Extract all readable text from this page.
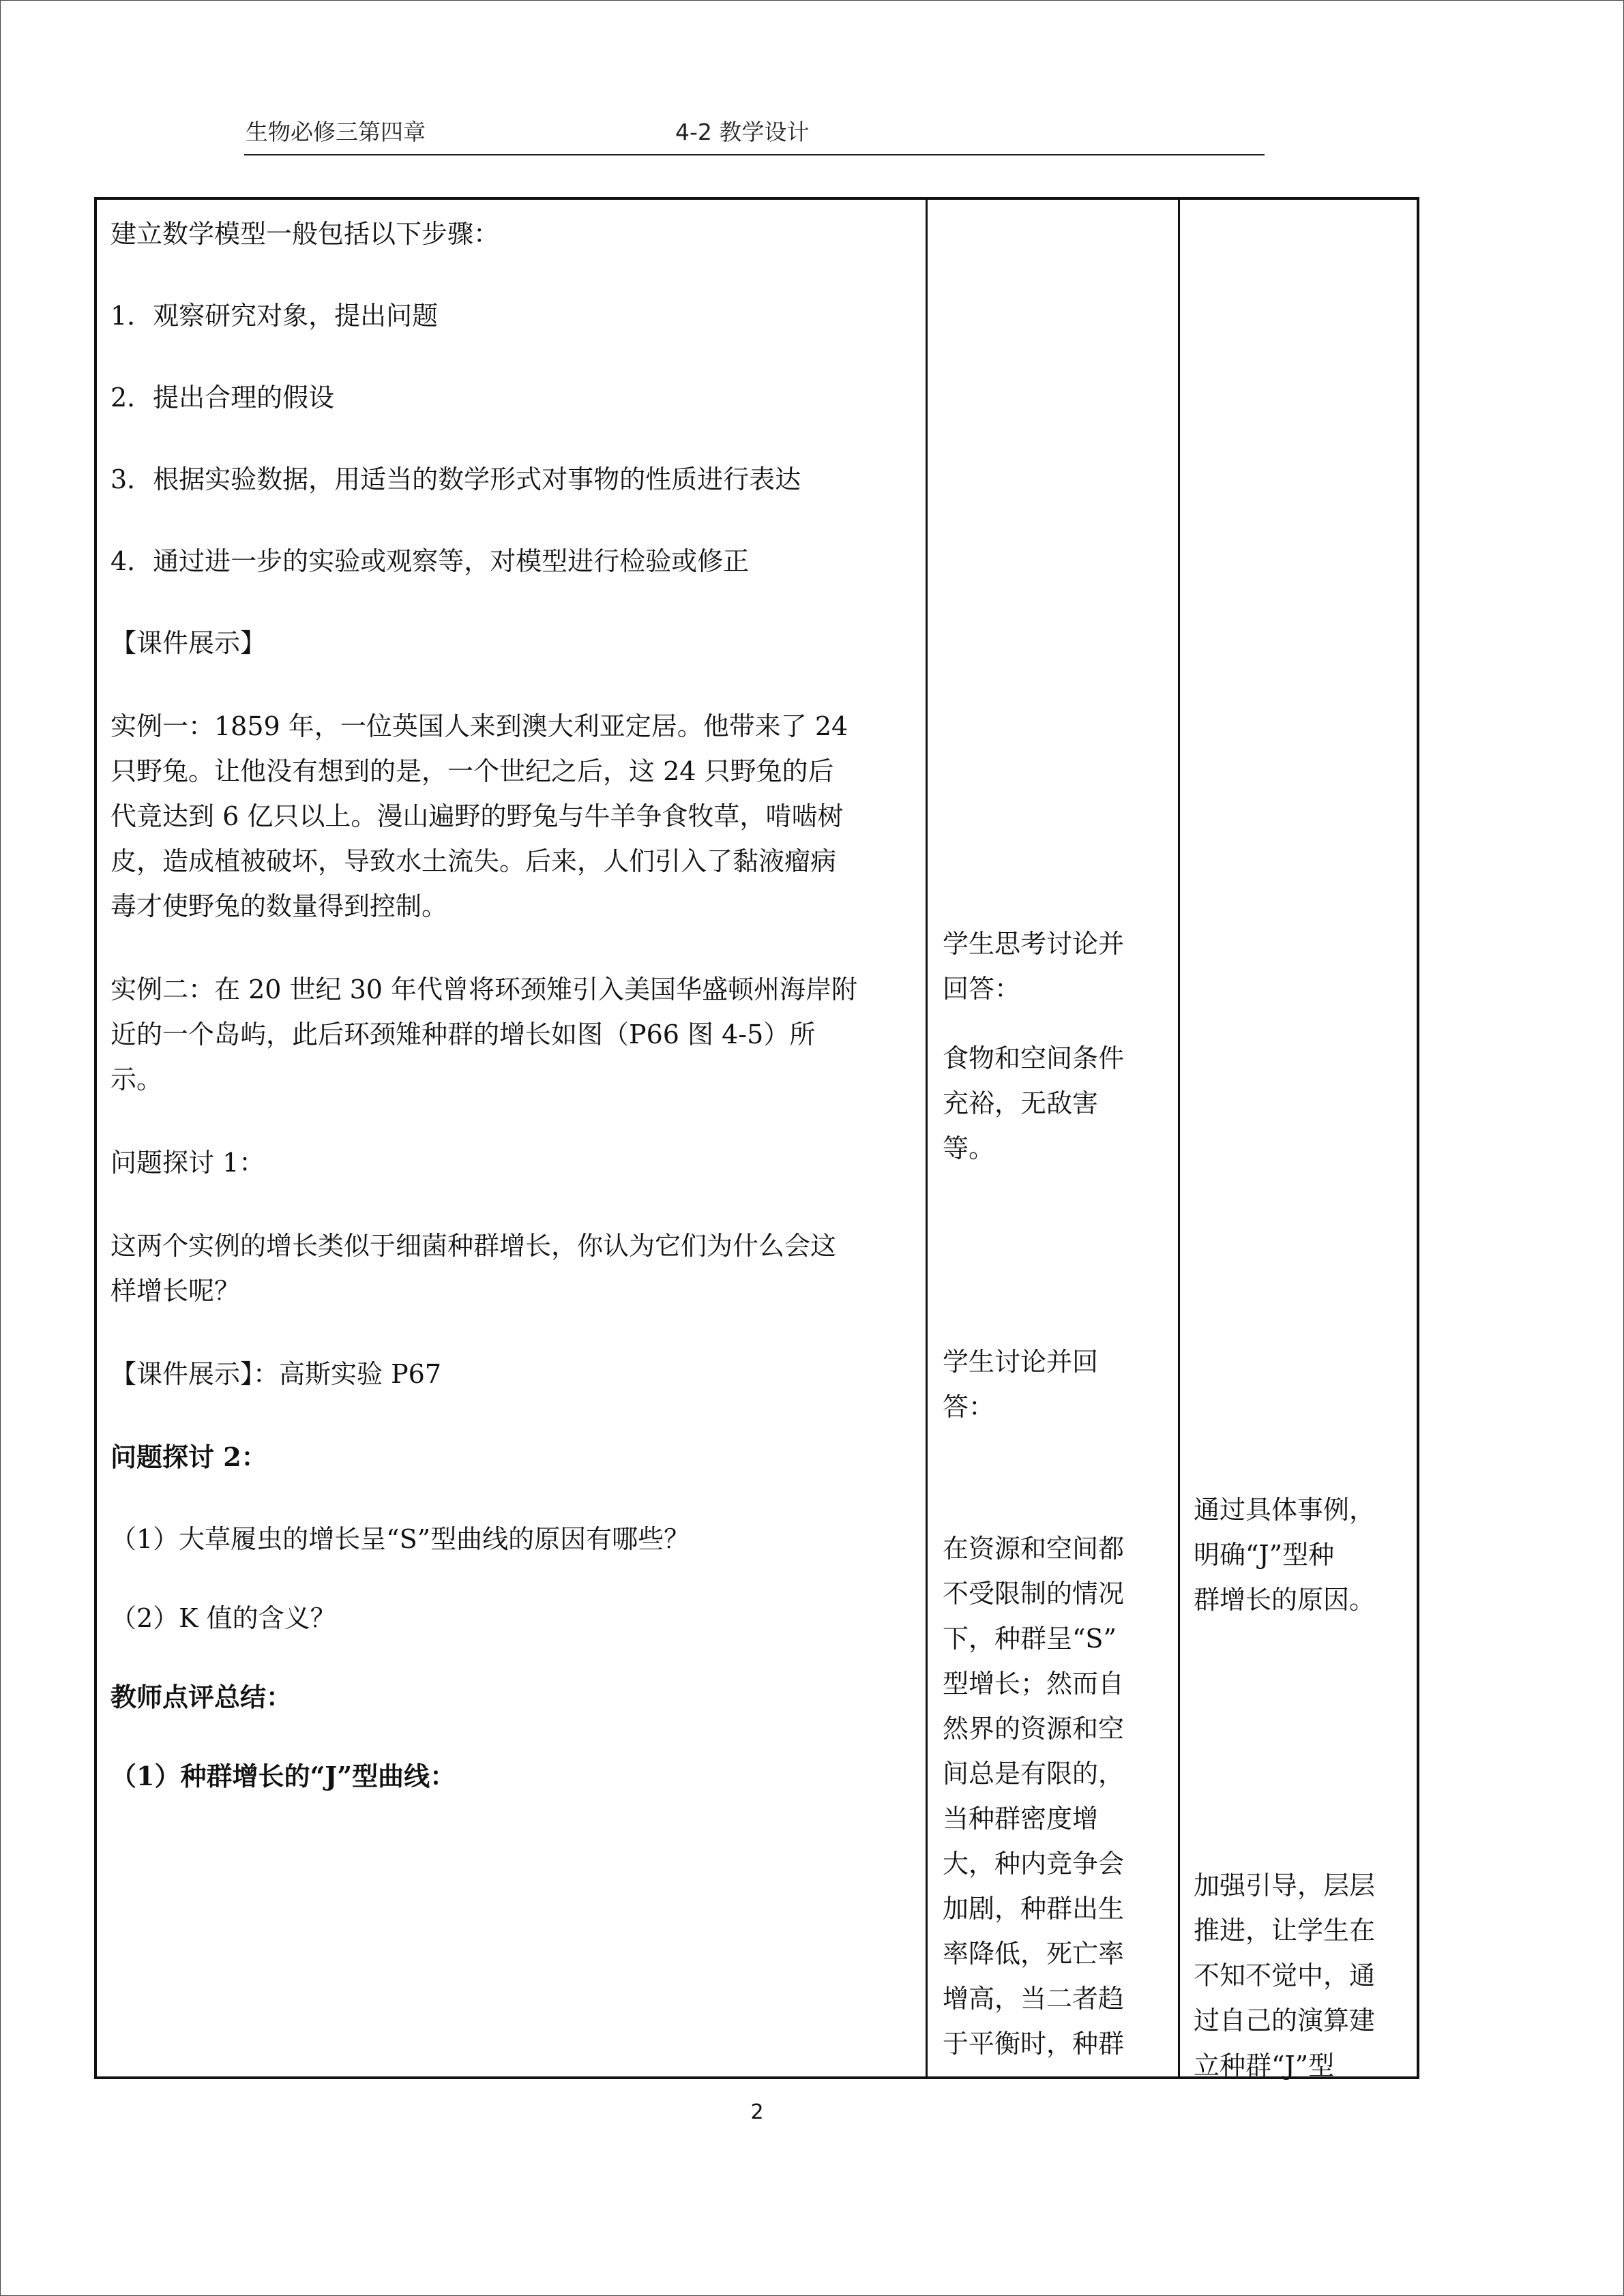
生物必修三第四章	4-2 教学设计
建立数学模型一般包括以下步骤：
1．观察研究对象，提出问题
2．提出合理的假设
3．根据实验数据，用适当的数学形式对事物的性质进行表达
4．通过进一步的实验或观察等，对模型进行检验或修正
【课件展示】
实例一：1859 年，一位英国人来到澳大利亚定居。他带来了 24
只野兔。让他没有想到的是，一个世纪之后，这 24 只野兔的后
代竟达到 6 亿只以上。漫山遍野的野兔与牛羊争食牧草，啃啮树
皮，造成植被破坏，导致水土流失。后来，人们引入了黏液瘤病
毒才使野兔的数量得到控制。
实例二：在 20 世纪 30 年代曾将环颈雉引入美国华盛顿州海岸附
近的一个岛屿，此后环颈雉种群的增长如图（P66 图 4-5）所
示。
问题探讨 1：
这两个实例的增长类似于细菌种群增长，你认为它们为什么会这
样增长呢？
【课件展示】：高斯实验 P67
问题探讨 2：
（1）大草履虫的增长呈“S”型曲线的原因有哪些？
（2）K 值的含义？
教师点评总结：
（1）种群增长的“J”型曲线：
学生思考讨论并
回答：
食物和空间条件
充裕，无敌害
等。
学生讨论并回
答：
在资源和空间都
不受限制的情况
下，种群呈“S”
型增长；然而自
然界的资源和空
间总是有限的，
当种群密度增
大，种内竞争会
加剧，种群出生
率降低，死亡率
增高，当二者趋
于平衡时，种群
通过具体事例，
明确“J”型种
群增长的原因。
加强引导，层层
推进，让学生在
不知不觉中，通
过自己的演算建
立种群“J”型
2
